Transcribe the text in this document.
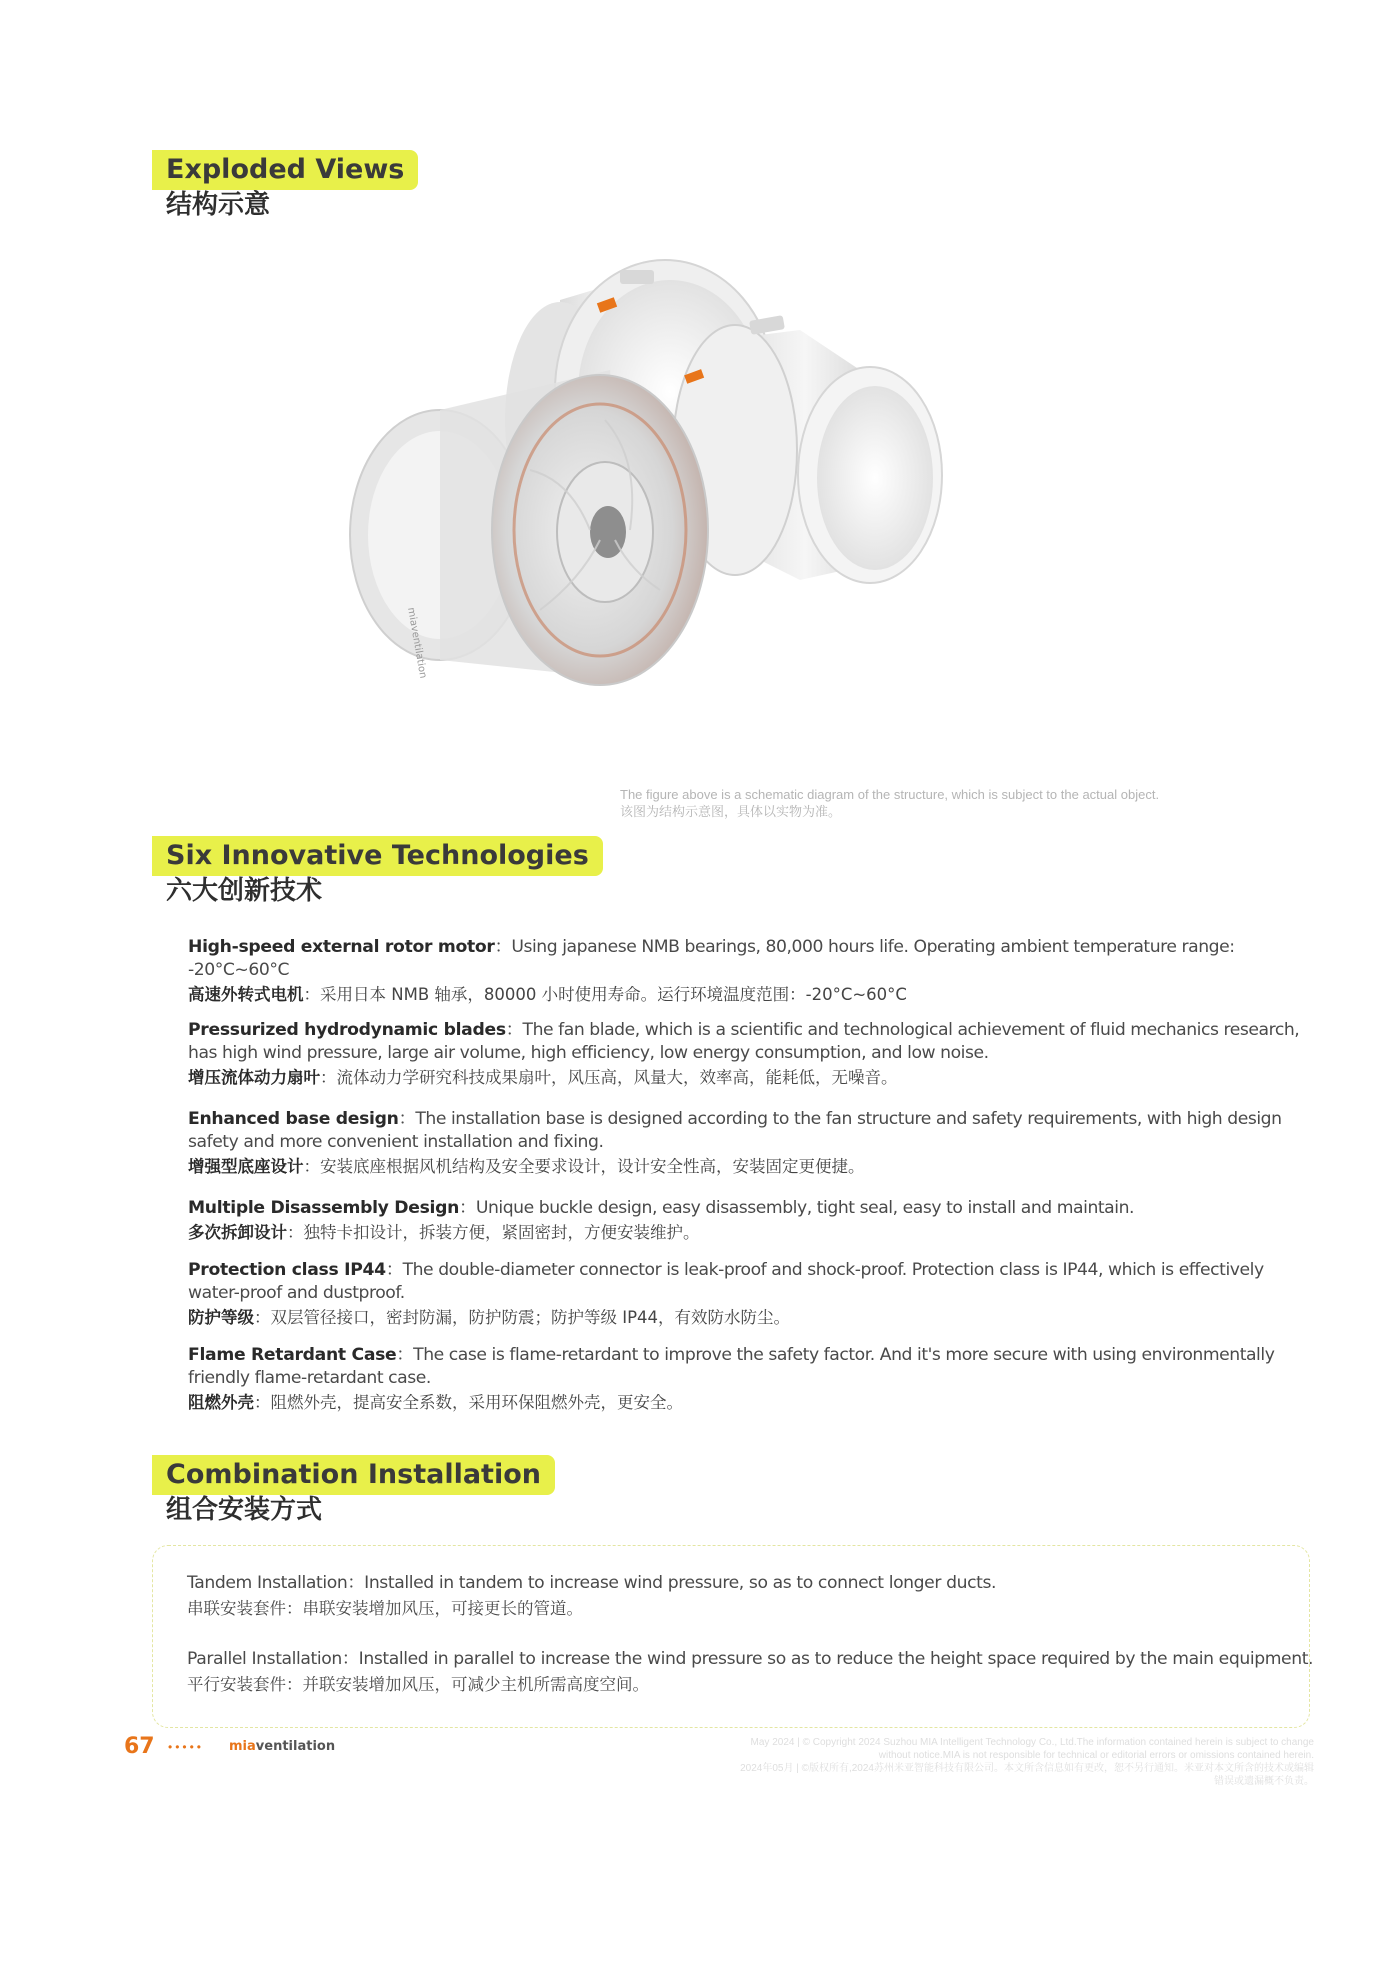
Exploded Views
结构示意
miaventilation
The figure above is a schematic diagram of the structure, which is subject to the actual object.
该图为结构示意图，具体以实物为准。
Six Innovative Technologies
六大创新技术
High-speed external rotor motor：Using japanese NMB bearings, 80,000 hours life. Operating ambient temperature range: -20°C~60°C
高速外转式电机：采用日本 NMB 轴承，80000 小时使用寿命。运行环境温度范围：-20°C~60°C
Pressurized hydrodynamic blades：The fan blade, which is a scientific and technological achievement of fluid mechanics research, has high wind pressure, large air volume, high efficiency, low energy consumption, and low noise.
增压流体动力扇叶：流体动力学研究科技成果扇叶，风压高，风量大，效率高，能耗低，无噪音。
Enhanced base design：The installation base is designed according to the fan structure and safety requirements, with high design safety and more convenient installation and fixing.
增强型底座设计：安装底座根据风机结构及安全要求设计，设计安全性高，安装固定更便捷。
Multiple Disassembly Design：Unique buckle design, easy disassembly, tight seal, easy to install and maintain.
多次拆卸设计：独特卡扣设计，拆装方便，紧固密封，方便安装维护。
Protection class IP44：The double-diameter connector is leak-proof and shock-proof. Protection class is IP44, which is effectively water-proof and dustproof.
防护等级：双层管径接口，密封防漏，防护防震；防护等级 IP44，有效防水防尘。
Flame Retardant Case：The case is flame-retardant to improve the safety factor. And it's more secure with using environmentally friendly flame-retardant case.
阻燃外壳：阻燃外壳，提高安全系数，采用环保阻燃外壳，更安全。
Combination Installation
组合安装方式
Tandem Installation：Installed in tandem to increase wind pressure, so as to connect longer ducts.
串联安装套件：串联安装增加风压，可接更长的管道。
Parallel Installation：Installed in parallel to increase the wind pressure so as to reduce the height space required by the main equipment.
平行安装套件：并联安装增加风压，可减少主机所需高度空间。
67 ••••• miaventilation	May 2024 | © Copyright 2024 Suzhou MIA Intelligent Technology Co., Ltd.The information contained herein is subject to change
without notice.MIA is not responsible for technical or editorial errors or omissions contained herein.
2024年05月 | ©版权所有,2024苏州米亚智能科技有限公司。本文所含信息如有更改，恕不另行通知。米亚对本文所含的技术或编辑
错误或遗漏概不负责。
